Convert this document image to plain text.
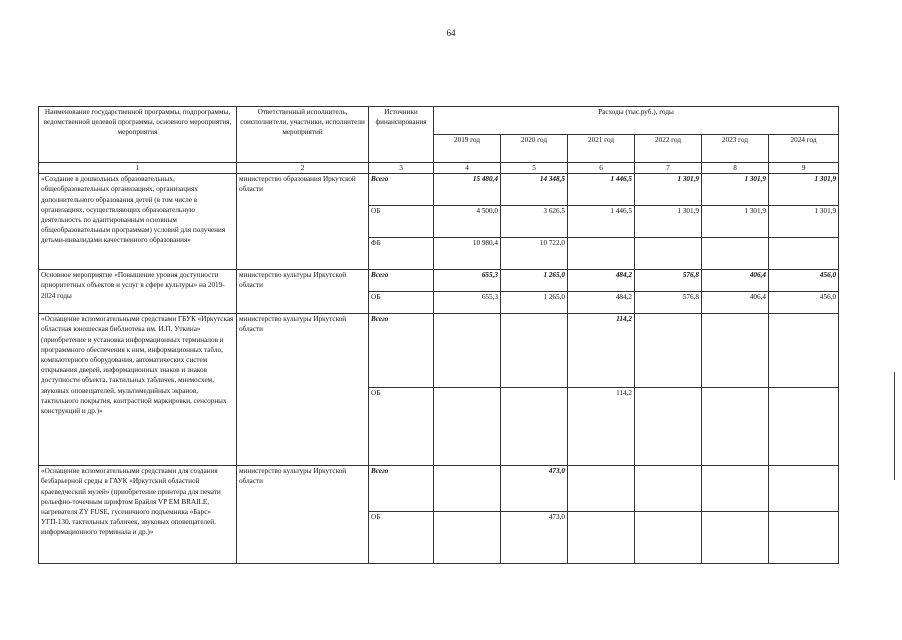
64
Наименование государственной программы, подпрограммы, ведомственной целевой программы, основного мероприятия, мероприятия	Ответственный исполнитель, соисполнители, участники, исполнители мероприятий	Источники финансирования	Расходы (тыс.руб.), годы					
			2019 год	2020 год	2021 год	2022 год	2023 год	2024 год
1	2	3	4	5	6	7	8	9
«Создание в дошкольных образовательных, общеобразовательных организациях, организациях дополнительного образования детей (в том числе в организациях, осуществляющих образовательную деятельность по адаптированным основным общеобразовательным программам) условий для получения детьми-инвалидами качественного образования»	министерство образования Иркутской области	Всего	15 480,4	14 348,5	1 446,5	1 301,9	1 301,9	1 301,9
		ОБ	4 500,0	3 626,5	1 446,5	1 301,9	1 301,9	1 301,9
		ФБ	10 980,4	10 722,0				
Основное мероприятие «Повышение уровня доступности приоритетных объектов и услуг в сфере культуры» на 2019-2024 годы	министерство культуры Иркутской области	Всего	655,3	1 265,0	484,2	576,8	406,4	456,0
		ОБ	655,3	1 265,0	484,2	576,8	406,4	456,0
«Оснащение вспомогательными средствами ГБУК «Иркутская областная юношеская библиотека им. И.П. Уткина» (приобретение и установка информационных терминалов и программного обеспечения к ним, информационных табло, компьютерного оборудования, автоматических систем открывания дверей, информационных знаков и знаков доступности объекта, тактильных табличек, мнемосхем, звуковых оповещателей, мультимедийных экранов, тактильного покрытия, контрастной маркировки, сенсорных конструкций и др.)»	министерство культуры Иркутской области	Всего			114,2			
		ОБ			114,2			
«Оснащение вспомогательными средствами для создания безбарьерной среды в ГАУК «Иркутский областной краеведческий музей» (приобретение принтера для печати рельефно-точечным шрифтом Брайля VP EM BRAILE, нагревателя ZY FUSE, гусеничного подъемника «Барс» УГП-130, тактильных табличек, звуковых оповещателей. информационного терминала и др.)»	министерство культуры Иркутской области	Всего		473,0				
		ОБ		473,0				
